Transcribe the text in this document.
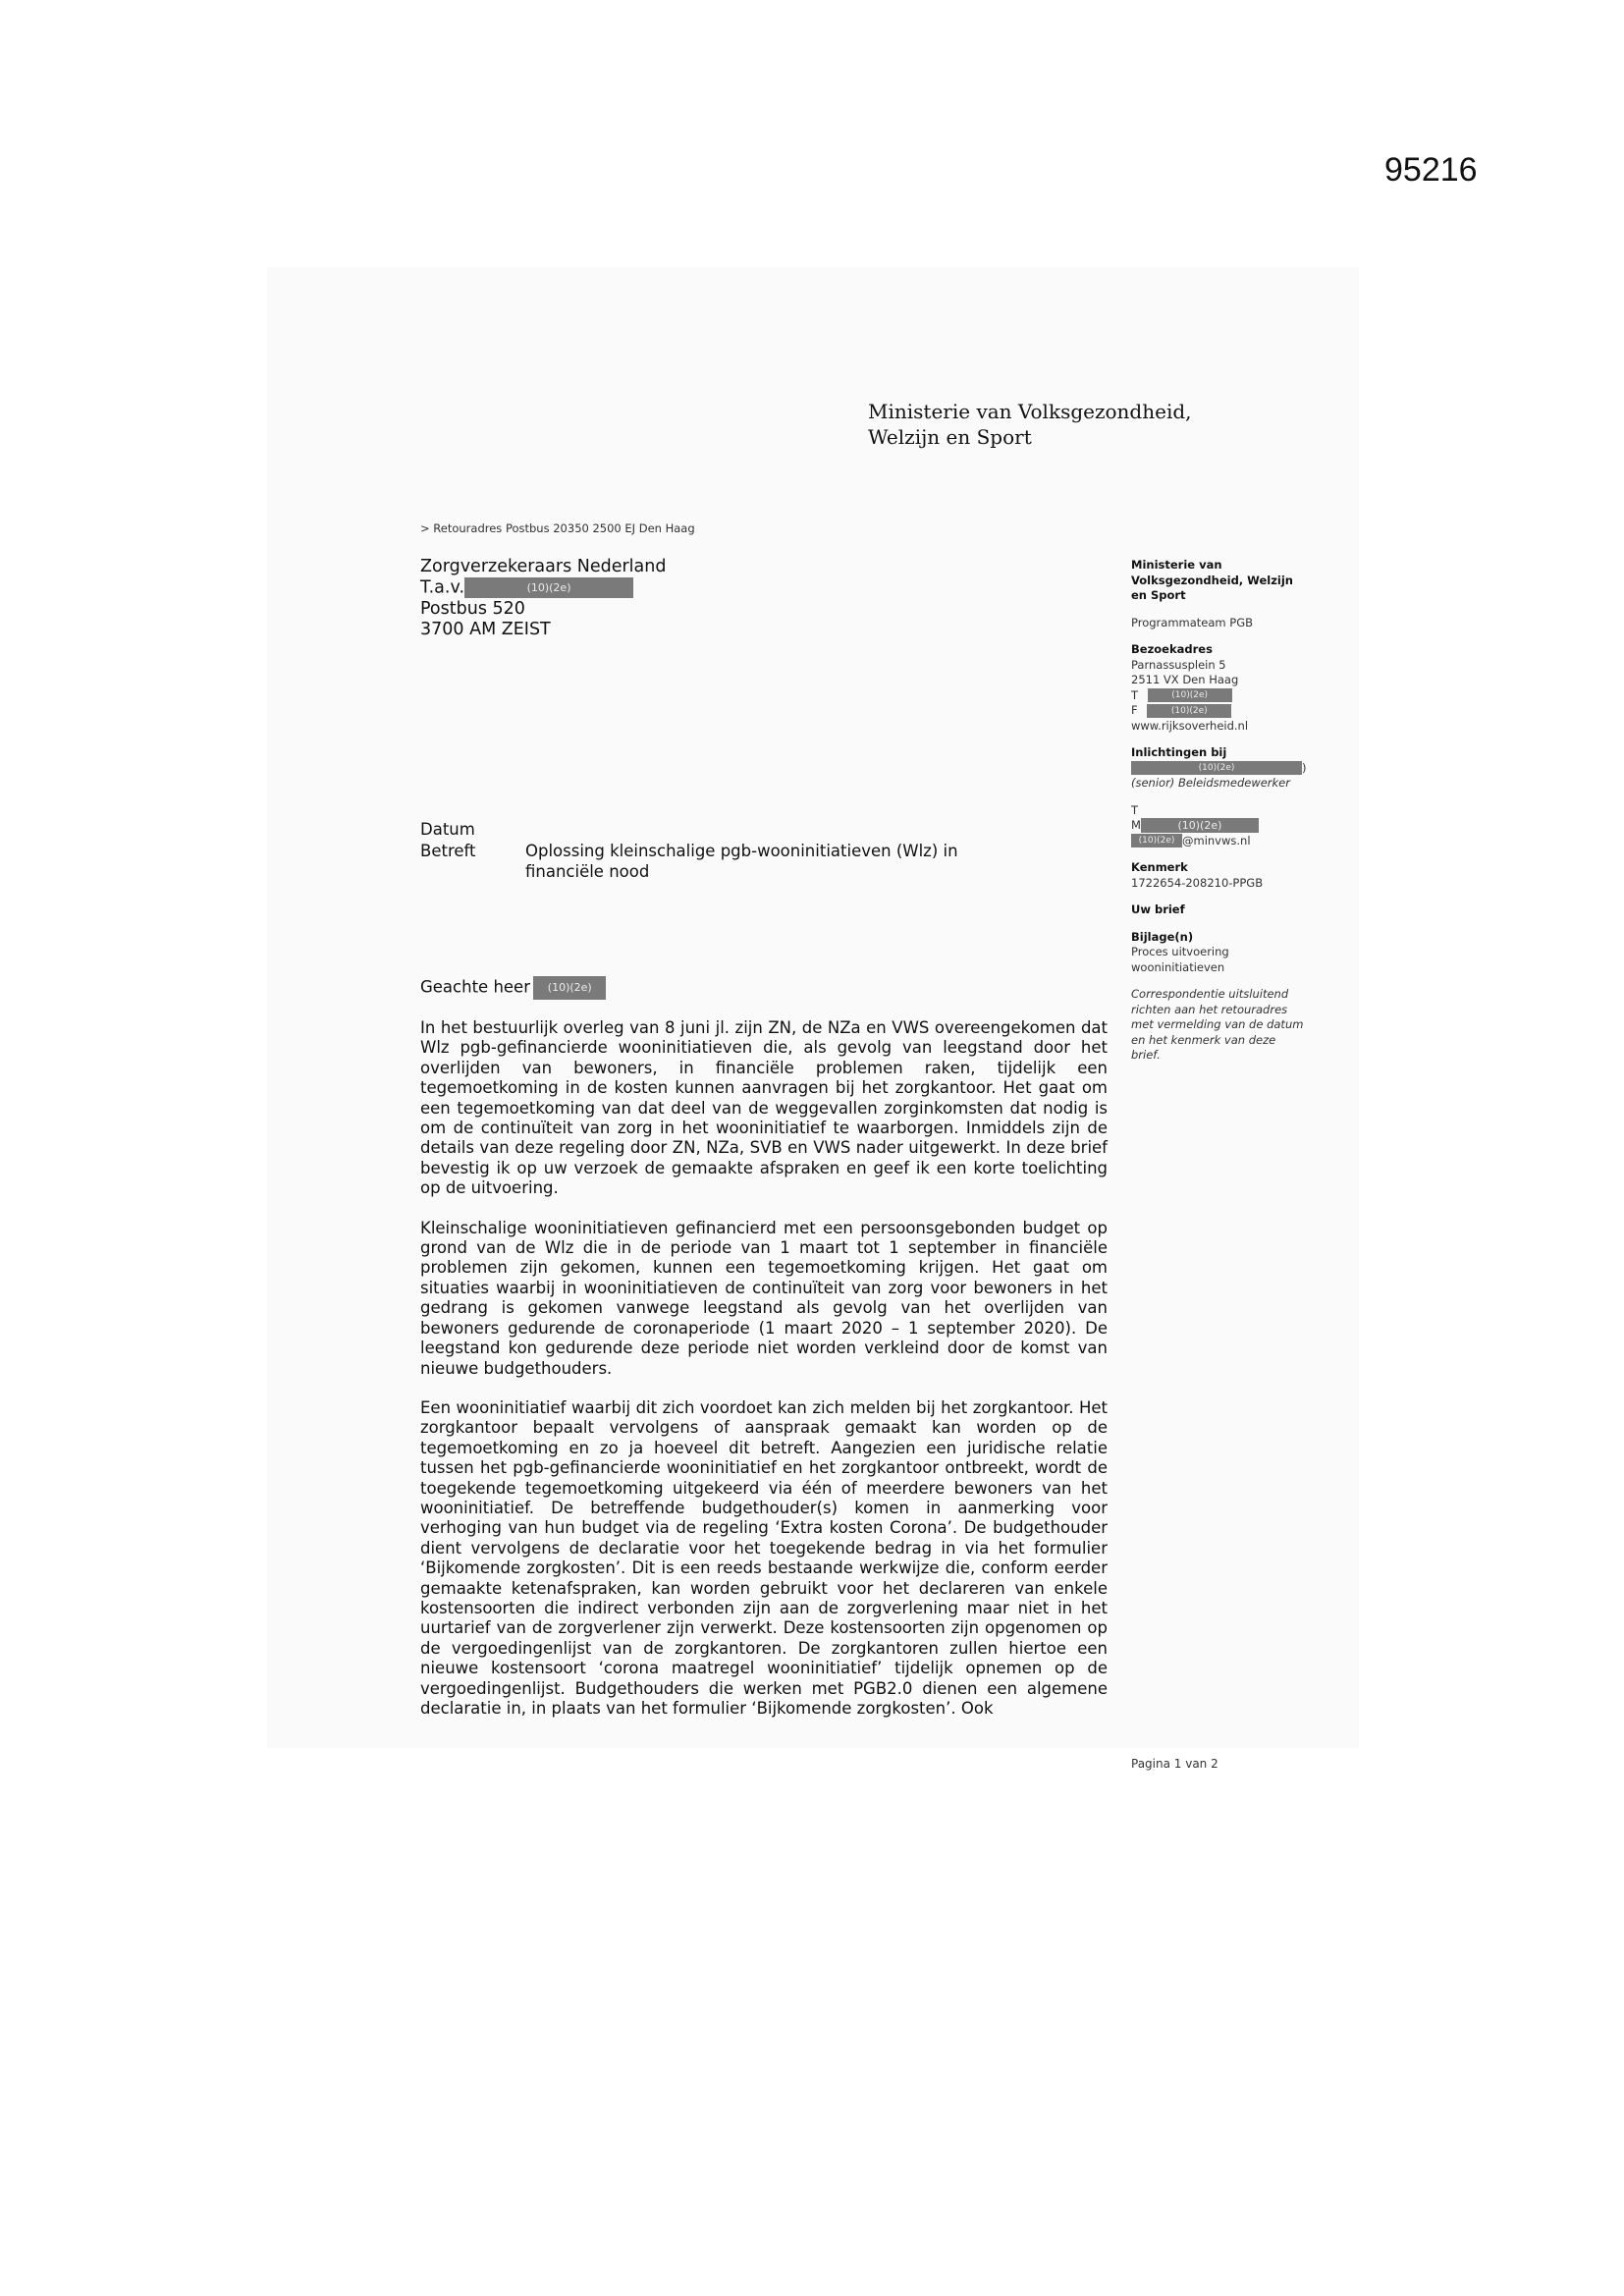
95216
Ministerie van Volksgezondheid,
Welzijn en Sport
> Retouradres Postbus 20350 2500 EJ Den Haag
Zorgverzekeraars Nederland
T.a.v.	(10)(2e)
Postbus 520
3700 AM ZEIST
Datum
Betreft	Oplossing kleinschalige pgb-wooninitiatieven (Wlz) in financiële nood
Geachte heer (10)(2e)

In het bestuurlijk overleg van 8 juni jl. zijn ZN, de NZa en VWS overeengekomen dat Wlz pgb-gefinancierde wooninitiatieven die, als gevolg van leegstand door het overlijden van bewoners, in financiële problemen raken, tijdelijk een tegemoetkoming in de kosten kunnen aanvragen bij het zorgkantoor. Het gaat om een tegemoetkoming van dat deel van de weggevallen zorginkomsten dat nodig is om de continuïteit van zorg in het wooninitiatief te waarborgen. Inmiddels zijn de details van deze regeling door ZN, NZa, SVB en VWS nader uitgewerkt. In deze brief bevestig ik op uw verzoek de gemaakte afspraken en geef ik een korte toelichting op de uitvoering.

Kleinschalige wooninitiatieven gefinancierd met een persoonsgebonden budget op grond van de Wlz die in de periode van 1 maart tot 1 september in financiële problemen zijn gekomen, kunnen een tegemoetkoming krijgen. Het gaat om situaties waarbij in wooninitiatieven de continuïteit van zorg voor bewoners in het gedrang is gekomen vanwege leegstand als gevolg van het overlijden van bewoners gedurende de coronaperiode (1 maart 2020 – 1 september 2020). De leegstand kon gedurende deze periode niet worden verkleind door de komst van nieuwe budgethouders.

Een wooninitiatief waarbij dit zich voordoet kan zich melden bij het zorgkantoor. Het zorgkantoor bepaalt vervolgens of aanspraak gemaakt kan worden op de tegemoetkoming en zo ja hoeveel dit betreft. Aangezien een juridische relatie tussen het pgb-gefinancierde wooninitiatief en het zorgkantoor ontbreekt, wordt de toegekende tegemoetkoming uitgekeerd via één of meerdere bewoners van het wooninitiatief. De betreffende budgethouder(s) komen in aanmerking voor verhoging van hun budget via de regeling ‘Extra kosten Corona’. De budgethouder dient vervolgens de declaratie voor het toegekende bedrag in via het formulier ‘Bijkomende zorgkosten’. Dit is een reeds bestaande werkwijze die, conform eerder gemaakte ketenafspraken, kan worden gebruikt voor het declareren van enkele kostensoorten die indirect verbonden zijn aan de zorgverlening maar niet in het uurtarief van de zorgverlener zijn verwerkt. Deze kostensoorten zijn opgenomen op de vergoedingenlijst van de zorgkantoren. De zorgkantoren zullen hiertoe een nieuwe kostensoort ‘corona maatregel wooninitiatief’ tijdelijk opnemen op de vergoedingenlijst. Budgethouders die werken met PGB2.0 dienen een algemene declaratie in, in plaats van het formulier ‘Bijkomende zorgkosten’. Ook

Ministerie van
Volksgezondheid, Welzijn
en Sport
Programmateam PGB
Bezoekadres
Parnassusplein 5
2511 VX Den Haag
T	(10)(2e)
F	(10)(2e)
www.rijksoverheid.nl
Inlichtingen bij
(10)(2e)	)
(senior) Beleidsmedewerker
T
M	(10)(2e)
(10)(2e) @minvws.nl
Kenmerk
1722654-208210-PPGB
Uw brief
Bijlage(n)
Proces uitvoering
wooninitiatieven
Correspondentie uitsluitend
richten aan het retouradres
met vermelding van de datum
en het kenmerk van deze
brief.
Pagina 1 van 2
